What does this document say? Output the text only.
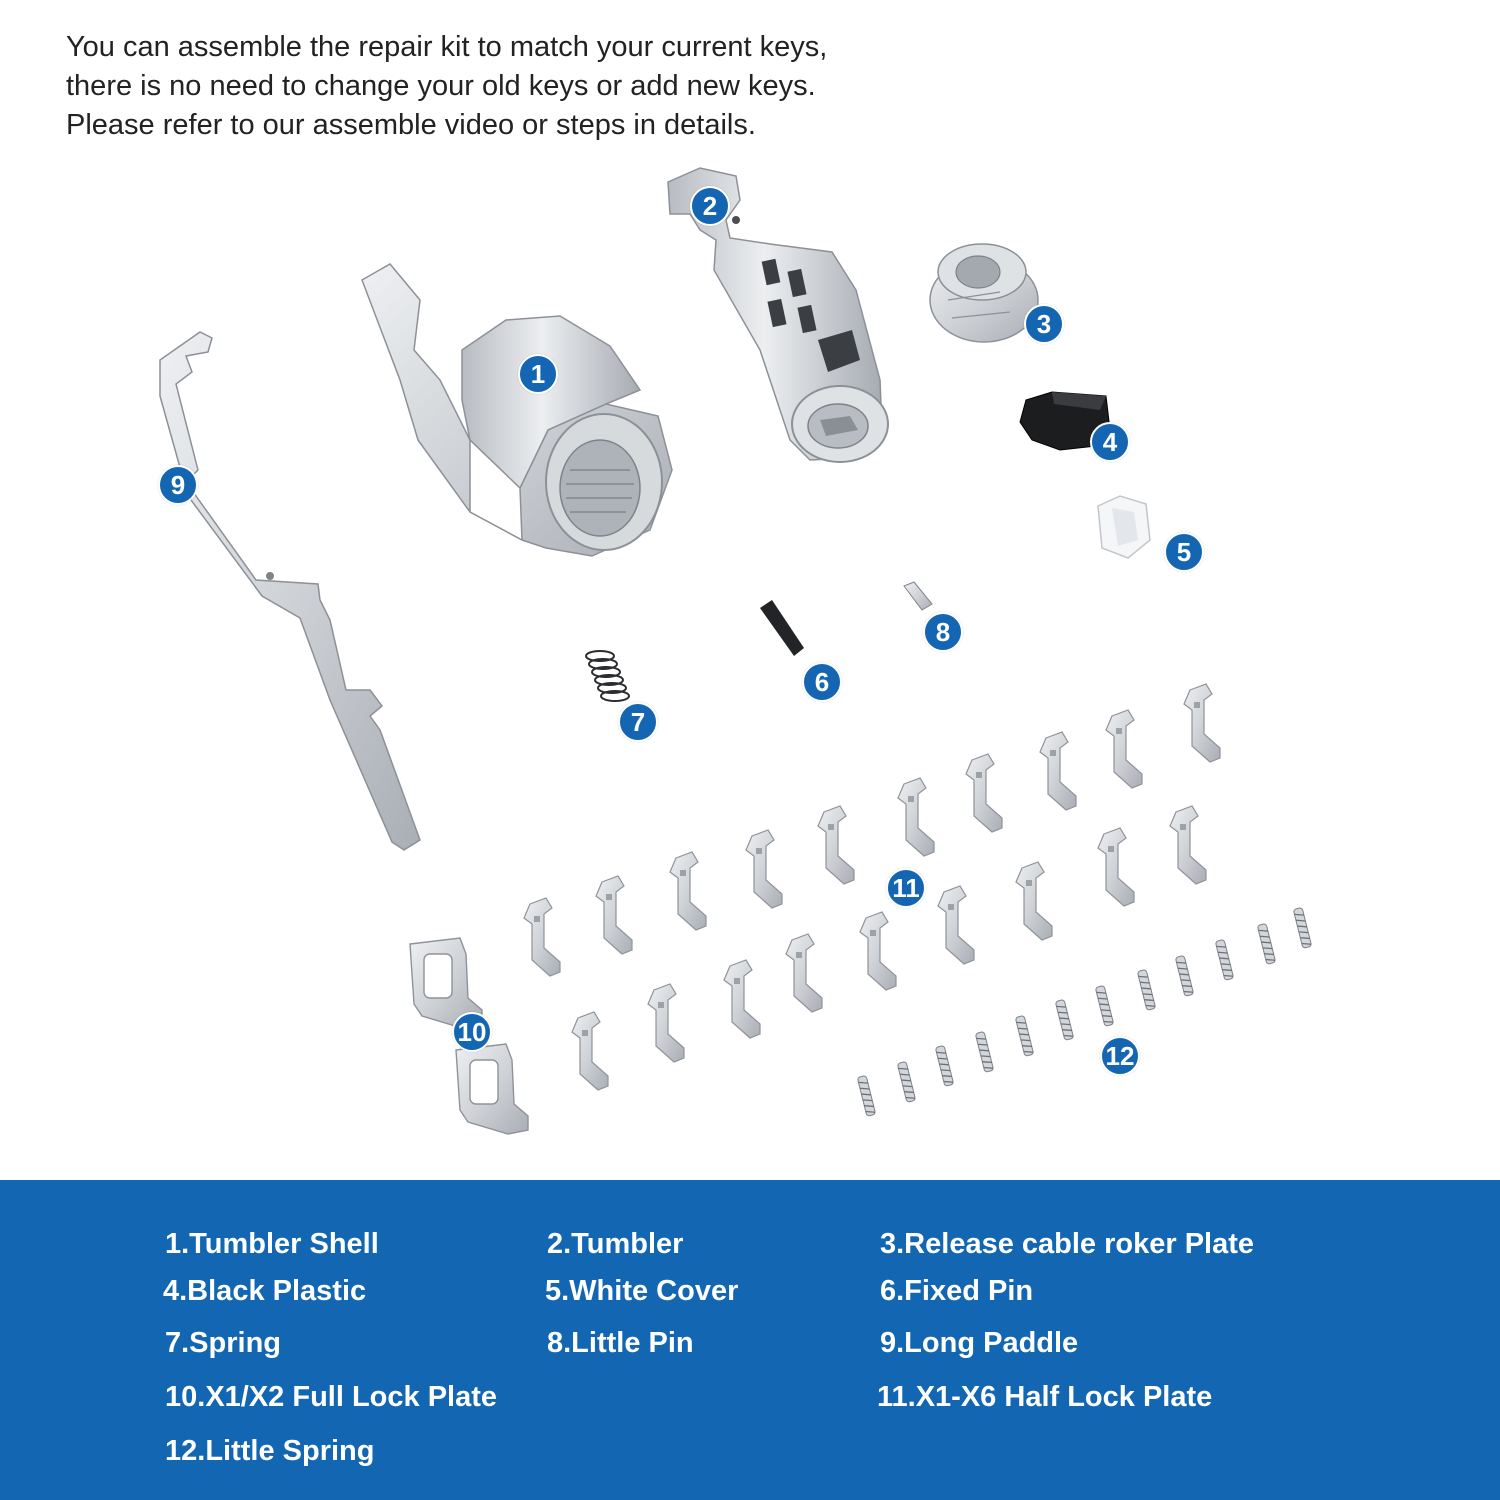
You can assemble the repair kit to match your current keys,
there is no need to change your old keys or add new keys.
Please refer to our assemble video or steps in details.
1
2
3
4
5
6
7
8
9
10
11
12
1.Tumbler Shell	2.Tumbler	3.Release cable roker Plate
4.Black Plastic	5.White Cover	6.Fixed Pin
7.Spring	8.Little Pin	9.Long Paddle
10.X1/X2 Full Lock Plate	11.X1-X6 Half Lock Plate
12.Little Spring
